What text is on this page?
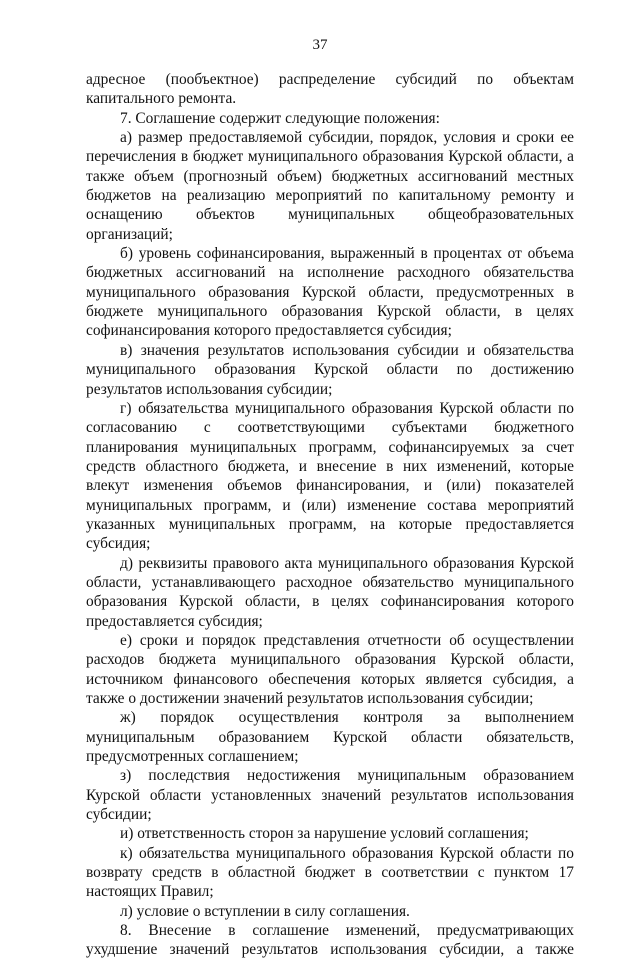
37

адресное (пообъектное) распределение субсидий по объектам капитального ремонта.

7. Соглашение содержит следующие положения:

а) размер предоставляемой субсидии, порядок, условия и сроки ее перечисления в бюджет муниципального образования Курской области, а также объем (прогнозный объем) бюджетных ассигнований местных бюджетов на реализацию мероприятий по капитальному ремонту и оснащению объектов муниципальных общеобразовательных организаций;

б) уровень софинансирования, выраженный в процентах от объема бюджетных ассигнований на исполнение расходного обязательства муниципального образования Курской области, предусмотренных в бюджете муниципального образования Курской области, в целях софинансирования которого предоставляется субсидия;

в) значения результатов использования субсидии и обязательства муниципального образования Курской области по достижению результатов использования субсидии;

г) обязательства муниципального образования Курской области по согласованию с соответствующими субъектами бюджетного планирования муниципальных программ, софинансируемых за счет средств областного бюджета, и внесение в них изменений, которые влекут изменения объемов финансирования, и (или) показателей муниципальных программ, и (или) изменение состава мероприятий указанных муниципальных программ, на которые предоставляется субсидия;

д) реквизиты правового акта муниципального образования Курской области, устанавливающего расходное обязательство муниципального образования Курской области, в целях софинансирования которого предоставляется субсидия;

е) сроки и порядок представления отчетности об осуществлении расходов бюджета муниципального образования Курской области, источником финансового обеспечения которых является субсидия, а также о достижении значений результатов использования субсидии;

ж) порядок осуществления контроля за выполнением муниципальным образованием Курской области обязательств, предусмотренных соглашением;

з) последствия недостижения муниципальным образованием Курской области установленных значений результатов использования субсидии;

и) ответственность сторон за нарушение условий соглашения;

к) обязательства муниципального образования Курской области по возврату средств в областной бюджет в соответствии с пунктом 17 настоящих Правил;

л) условие о вступлении в силу соглашения.

8. Внесение в соглашение изменений, предусматривающих ухудшение значений результатов использования субсидии, а также
